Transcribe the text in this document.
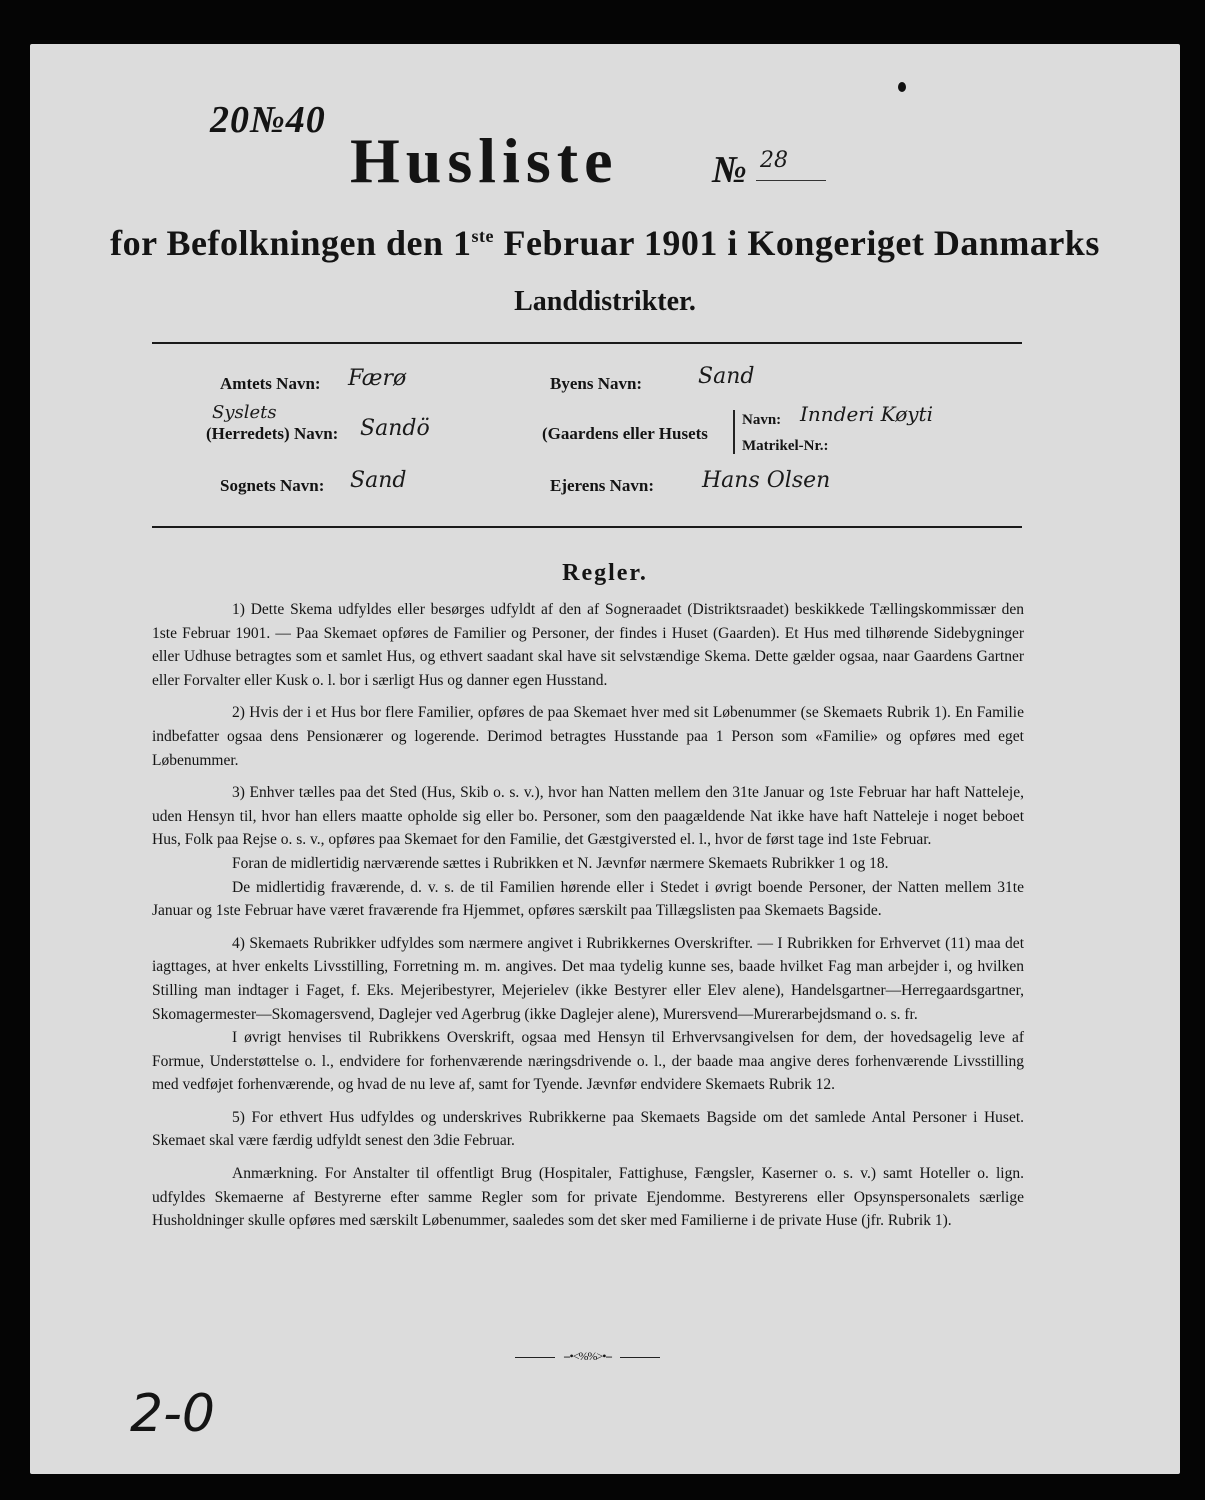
20№40
Husliste № 28
for Befolkningen den 1ste Februar 1901 i Kongeriget Danmarks
Landdistrikter.
Amtets Navn: Færø
Syslets
(Herredets) Navn: Sandö
Sognets Navn: Sand
Byens Navn:	Sand
(Gaardens eller Husets
Navn: Innderi Køyti
Matrikel-Nr.:
Ejerens Navn: Hans Olsen
Regler.

1) Dette Skema udfyldes eller besørges udfyldt af den af Sogneraadet (Distriktsraadet) beskikkede Tællingskommissær den 1ste Februar 1901. — Paa Skemaet opføres de Familier og Personer, der findes i Huset (Gaarden). Et Hus med tilhørende Sidebygninger eller Udhuse betragtes som et samlet Hus, og ethvert saadant skal have sit selvstændige Skema. Dette gælder ogsaa, naar Gaardens Gartner eller Forvalter eller Kusk o. l. bor i særligt Hus og danner egen Husstand.

2) Hvis der i et Hus bor flere Familier, opføres de paa Skemaet hver med sit Løbenummer (se Skemaets Rubrik 1). En Familie indbefatter ogsaa dens Pensionærer og logerende. Derimod betragtes Husstande paa 1 Person som «Familie» og opføres med eget Løbenummer.

3) Enhver tælles paa det Sted (Hus, Skib o. s. v.), hvor han Natten mellem den 31te Januar og 1ste Februar har haft Natteleje, uden Hensyn til, hvor han ellers maatte opholde sig eller bo. Personer, som den paagældende Nat ikke have haft Natteleje i noget beboet Hus, Folk paa Rejse o. s. v., opføres paa Skemaet for den Familie, det Gæstgiversted el. l., hvor de først tage ind 1ste Februar.

Foran de midlertidig nærværende sættes i Rubrikken et N. Jævnfør nærmere Skemaets Rubrikker 1 og 18.

De midlertidig fraværende, d. v. s. de til Familien hørende eller i Stedet i øvrigt boende Personer, der Natten mellem 31te Januar og 1ste Februar have været fraværende fra Hjemmet, opføres særskilt paa Tillægslisten paa Skemaets Bagside.

4) Skemaets Rubrikker udfyldes som nærmere angivet i Rubrikkernes Overskrifter. — I Rubrikken for Erhvervet (11) maa det iagttages, at hver enkelts Livsstilling, Forretning m. m. angives. Det maa tydelig kunne ses, baade hvilket Fag man arbejder i, og hvilken Stilling man indtager i Faget, f. Eks. Mejeribestyrer, Mejerielev (ikke Bestyrer eller Elev alene), Handelsgartner—Herregaardsgartner, Skomagermester—Skomagersvend, Daglejer ved Agerbrug (ikke Daglejer alene), Murersvend—Murerarbejdsmand o. s. fr.

I øvrigt henvises til Rubrikkens Overskrift, ogsaa med Hensyn til Erhvervsangivelsen for dem, der hovedsagelig leve af Formue, Understøttelse o. l., endvidere for forhenværende næringsdrivende o. l., der baade maa angive deres forhenværende Livsstilling med vedføjet forhenværende, og hvad de nu leve af, samt for Tyende. Jævnfør endvidere Skemaets Rubrik 12.

5) For ethvert Hus udfyldes og underskrives Rubrikkerne paa Skemaets Bagside om det samlede Antal Personer i Huset. Skemaet skal være færdig udfyldt senest den 3die Februar.

Anmærkning. For Anstalter til offentligt Brug (Hospitaler, Fattighuse, Fængsler, Kaserner o. s. v.) samt Hoteller o. lign. udfyldes Skemaerne af Bestyrerne efter samme Regler som for private Ejendomme. Bestyrerens eller Opsynspersonalets særlige Husholdninger skulle opføres med særskilt Løbenummer, saaledes som det sker med Familierne i de private Huse (jfr. Rubrik 1).

--•<%%>•--
2-0
